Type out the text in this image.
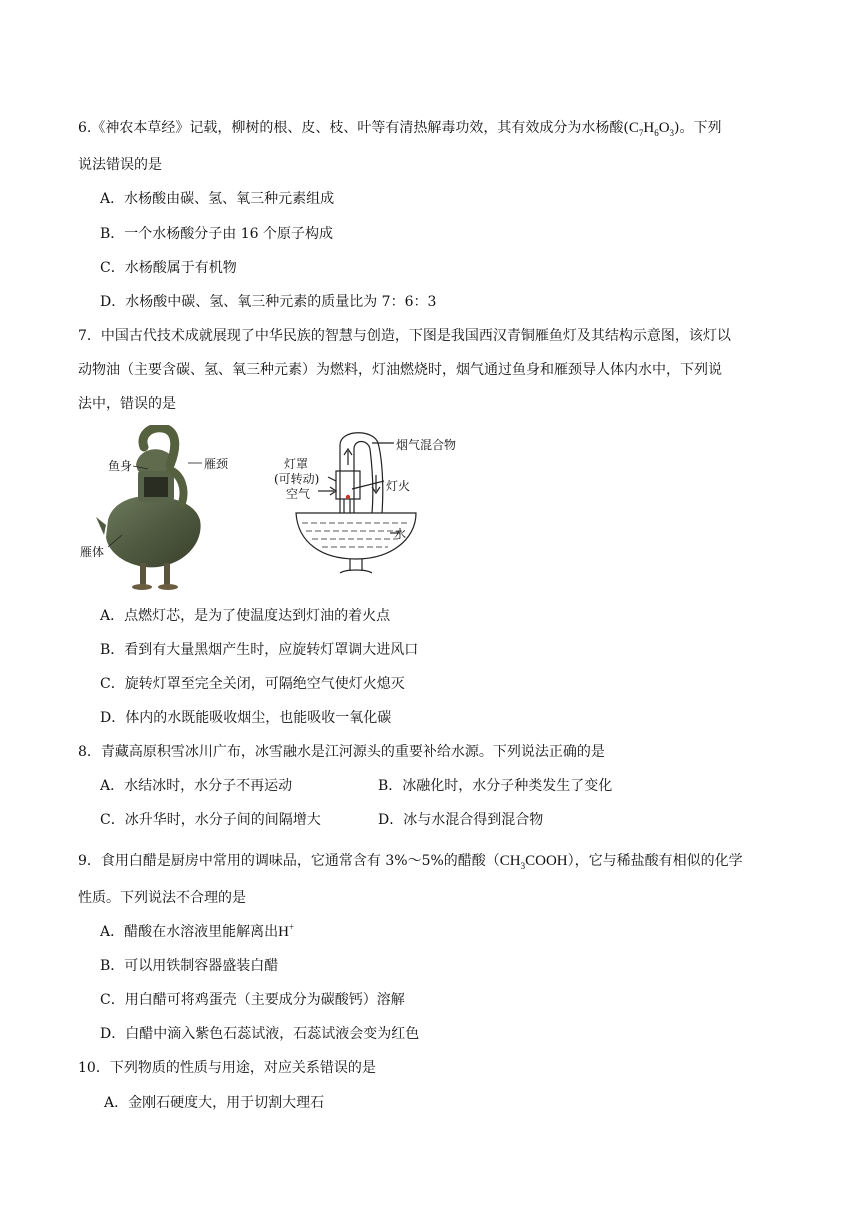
6.《神农本草经》记载，柳树的根、皮、枝、叶等有清热解毒功效，其有效成分为水杨酸$(C_7H_6O_3)$。下列
说法错误的是
A．水杨酸由碳、氢、氧三种元素组成
B．一个水杨酸分子由 16 个原子构成
C．水杨酸属于有机物
D．水杨酸中碳、氢、氧三种元素的质量比为 7：6：3
7．中国古代技术成就展现了中华民族的智慧与创造，下图是我国西汉青铜雁鱼灯及其结构示意图，该灯以
动物油（主要含碳、氢、氧三种元素）为燃料，灯油燃烧时，烟气通过鱼身和雁颈导人体内水中，下列说
法中，错误的是
鱼身	雁颈
雁体
烟气混合物
灯罩
(可转动)
空气
灯火
水
A．点燃灯芯，是为了使温度达到灯油的着火点
B．看到有大量黑烟产生时，应旋转灯罩调大进风口
C．旋转灯罩至完全关闭，可隔绝空气使灯火熄灭
D．体内的水既能吸收烟尘，也能吸收一氧化碳
8．青藏高原积雪冰川广布，冰雪融水是江河源头的重要补给水源。下列说法正确的是
A．水结冰时，水分子不再运动	B．冰融化时，水分子种类发生了变化
C．冰升华时，水分子间的间隔增大	D．冰与水混合得到混合物
9．食用白醋是厨房中常用的调味品，它通常含有 3%～5%的醋酸$(CH_3COOH)$，它与稀盐酸有相似的化学
性质。下列说法不合理的是
A．醋酸在水溶液里能解离出H+
B．可以用铁制容器盛装白醋
C．用白醋可将鸡蛋壳（主要成分为碳酸钙）溶解
D．白醋中滴入紫色石蕊试液，石蕊试液会变为红色
10．下列物质的性质与用途，对应关系错误的是
A．金刚石硬度大，用于切割大理石
